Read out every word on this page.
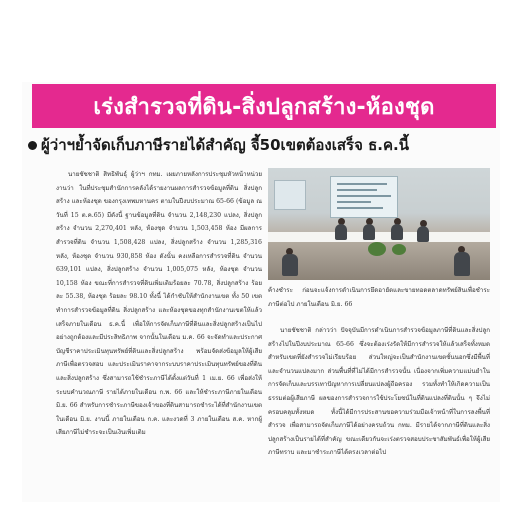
เร่งสำรวจที่ดิน-สิ่งปลูกสร้าง-ห้องชุด
ผู้ว่าฯย้ำจัดเก็บภาษีรายได้สำคัญ จี้50เขตต้องเสร็จ ธ.ค.นี้
นายชัชชาติ สิทธิพันธุ์ ผู้ว่าฯ กทม. เผยภายหลังการประชุมหัวหน้าหน่วยงานว่า ในที่ประชุมสำนักการคลังได้รายงานผลการสำรวจข้อมูลที่ดิน สิ่งปลูกสร้าง และห้องชุด ของกรุงเทพมหานคร ตามในปีงบประมาณ 65-66 (ข้อมูล ณ วันที่ 15 ต.ค.65) มีดังนี้ ฐานข้อมูลที่ดิน จำนวน 2,148,230 แปลง, สิ่งปลูกสร้าง จำนวน 2,270,401 หลัง, ห้องชุด จำนวน 1,503,458 ห้อง มีผลการสำรวจที่ดิน จำนวน 1,508,428 แปลง, สิ่งปลูกสร้าง จำนวน 1,285,316 หลัง, ห้องชุด จำนวน 930,858 ห้อง ดังนั้น คงเหลือการสำรวจที่ดิน จำนวน 639,101 แปลง, สิ่งปลูกสร้าง จำนวน 1,005,075 หลัง, ห้องชุด จำนวน 10,158 ห้อง ขณะที่การสำรวจที่ดินเพิ่มเติมร้อยละ 70.78, สิ่งปลูกสร้าง ร้อยละ 55.38, ห้องชุด ร้อยละ 98.10 ทั้งนี้ ได้กำชับให้สำนักงานเขต ทั้ง 50 เขต ทำการสำรวจข้อมูลที่ดิน สิ่งปลูกสร้าง และห้องชุดของทุกสำนักงานเขตให้แล้วเสร็จภายในเดือน ธ.ค.นี้ เพื่อให้การจัดเก็บภาษีที่ดินและสิ่งปลูกสร้างเป็นไปอย่างถูกต้องและมีประสิทธิภาพ จากนั้นในเดือน ม.ค. 66 จะจัดทำและประกาศบัญชีราคาประเมินทุนทรัพย์ที่ดินและสิ่งปลูกสร้าง พร้อมจัดส่งข้อมูลให้ผู้เสียภาษีเพื่อตรวจสอบ และประเมินราคาจากระบบราคาประเมินทุนทรัพย์ของที่ดินและสิ่งปลูกสร้าง ซึ่งสามารถใช้ชำระภาษีได้ตั้งแต่วันที่ 1 เม.ย. 66 เพื่อส่งให้ระบบคำนวณภาษี รายได้ภายในเดือน ก.พ. 66 และให้ชำระภาษีภายในเดือน มิ.ย. 66 สำหรับการชำระภาษีของเจ้าของที่ดินสามารถชำระได้ที่สำนักงานเขตในเดือน มิ.ย. งานนี้ ภายในเดือน ก.ค. และงวดที่ 3 ภายในเดือน ส.ค. หากผู้เสียภาษีไม่ชำระจะเป็นเงินเพิ่มเติม
ค้างชำระ ก่อนจะแจ้งการดำเนินการยึดอายัดและขายทอดตลาดทรัพย์สินเพื่อชำระภาษีต่อไป ภายในเดือน มิ.ย. 66
นายชัชชาติ กล่าวว่า ปัจจุบันมีการดำเนินการสำรวจข้อมูลภาษีที่ดินและสิ่งปลูกสร้างไปในปีงบประมาณ 65-66 ซึ่งจะต้องเร่งรัดให้มีการสำรวจให้แล้วเสร็จทั้งหมด สำหรับเขตที่ยังสำรวจไม่เรียบร้อย ส่วนใหญ่จะเป็นสำนักงานเขตชั้นนอกซึ่งมีพื้นที่และจำนวนแปลงมาก ส่วนพื้นที่ที่ไม่ได้มีการสำรวจนั้น เนื่องจากเพิ่มความแม่นยำในการจัดเก็บและบรรเทาปัญหาการเปลี่ยนแปลงผู้ถือครอง รวมทั้งทำให้เกิดความเป็นธรรมต่อผู้เสียภาษี ผลของการสำรวจการใช้ประโยชน์ในที่ดินแปลงที่ดินนั้น ๆ จึงไม่ครอบคลุมทั้งหมด ทั้งนี้ได้มีการประสานขอความร่วมมือเจ้าหน้าที่ในการลงพื้นที่สำรวจ เพื่อสามารถจัดเก็บภาษีได้อย่างครบถ้วน กทม. มีรายได้จากภาษีที่ดินและสิ่งปลูกสร้างเป็นรายได้ที่สำคัญ ขณะเดียวกันจะเร่งตรวจสอบประชาสัมพันธ์เพื่อให้ผู้เสียภาษีทราบ และมาชำระภาษีได้ตรงเวลาต่อไป
